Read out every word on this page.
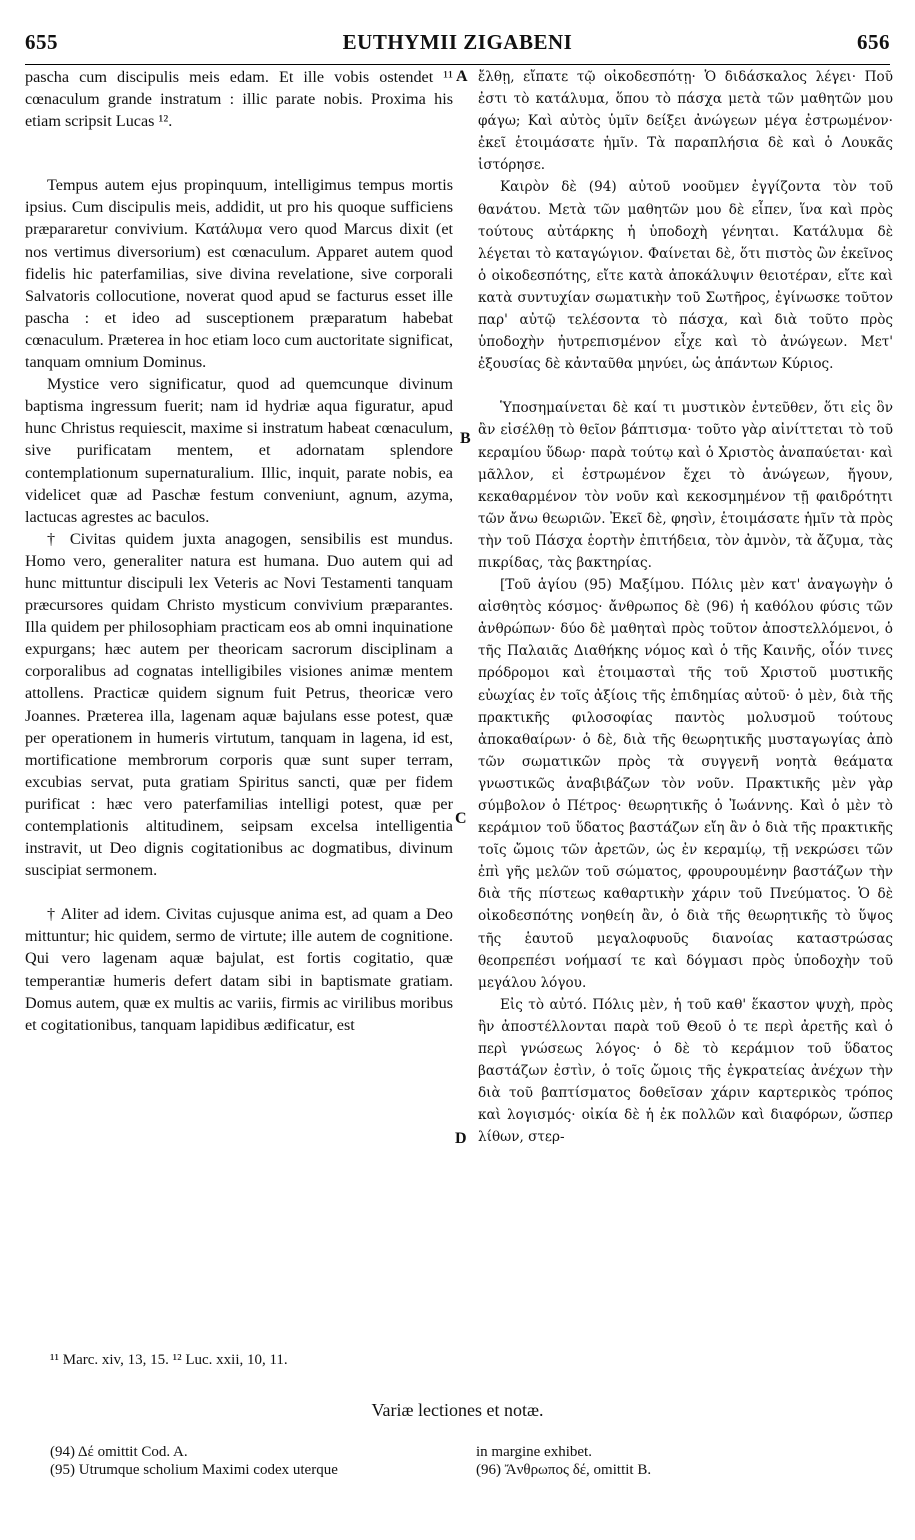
655	EUTHYMII ZIGABENI	656
A
B
C
D

pascha cum discipulis meis edam. Et ille vobis ostendet ¹¹ cœnaculum grande instratum : illic parate nobis. Proxima his etiam scripsit Lucas ¹².

Tempus autem ejus propinquum, intelligimus tempus mortis ipsius. Cum discipulis meis, addidit, ut pro his quoque sufficiens præpararetur convivium. Κατάλυμα vero quod Marcus dixit (et nos vertimus diversorium) est cœnaculum. Apparet autem quod fidelis hic paterfamilias, sive divina revelatione, sive corporali Salvatoris collocutione, noverat quod apud se facturus esset ille pascha : et ideo ad susceptionem præparatum habebat cœnaculum. Præterea in hoc etiam loco cum auctoritate significat, tanquam omnium Dominus.

Mystice vero significatur, quod ad quemcunque divinum baptisma ingressum fuerit; nam id hydriæ aqua figuratur, apud hunc Christus requiescit, maxime si instratum habeat cœnaculum, sive purificatam mentem, et adornatam splendore contemplationum supernaturalium. Illic, inquit, parate nobis, ea videlicet quæ ad Paschæ festum conveniunt, agnum, azyma, lactucas agrestes ac baculos.

† Civitas quidem juxta anagogen, sensibilis est mundus. Homo vero, generaliter natura est humana. Duo autem qui ad hunc mittuntur discipuli lex Veteris ac Novi Testamenti tanquam præcursores quidam Christo mysticum convivium præparantes. Illa quidem per philosophiam practicam eos ab omni inquinatione expurgans; hæc autem per theoricam sacrorum disciplinam a corporalibus ad cognatas intelligibiles visiones animæ mentem attollens. Practicæ quidem signum fuit Petrus, theoricæ vero Joannes. Præterea illa, lagenam aquæ bajulans esse potest, quæ per operationem in humeris virtutum, tanquam in lagena, id est, mortificatione membrorum corporis quæ sunt super terram, excubias servat, puta gratiam Spiritus sancti, quæ per fidem purificat : hæc vero paterfamilias intelligi potest, quæ per contemplationis altitudinem, seipsam excelsa intelligentia instravit, ut Deo dignis cogitationibus ac dogmatibus, divinum suscipiat sermonem.

† Aliter ad idem. Civitas cujusque anima est, ad quam a Deo mittuntur; hic quidem, sermo de virtute; ille autem de cognitione. Qui vero lagenam aquæ bajulat, est fortis cogitatio, quæ temperantiæ humeris defert datam sibi in baptismate gratiam. Domus autem, quæ ex multis ac variis, firmis ac virilibus moribus et cogitationibus, tanquam lapidibus ædificatur, est

ἔλθῃ, εἴπατε τῷ οἰκοδεσπότῃ· Ὁ διδάσκαλος λέγει· Ποῦ ἐστι τὸ κατάλυμα, ὅπου τὸ πάσχα μετὰ τῶν μαθητῶν μου φάγω; Καὶ αὐτὸς ὑμῖν δείξει ἀνώγεων μέγα ἐστρωμένον· ἐκεῖ ἑτοιμάσατε ἡμῖν. Τὰ παραπλήσια δὲ καὶ ὁ Λουκᾶς ἱστόρησε.

Καιρὸν δὲ (94) αὐτοῦ νοοῦμεν ἐγγίζοντα τὸν τοῦ θανάτου. Μετὰ τῶν μαθητῶν μου δὲ εἶπεν, ἵνα καὶ πρὸς τούτους αὐτάρκης ἡ ὑποδοχὴ γένηται. Κατάλυμα δὲ λέγεται τὸ καταγώγιον. Φαίνεται δὲ, ὅτι πιστὸς ὢν ἐκεῖνος ὁ οἰκοδεσπότης, εἴτε κατὰ ἀποκάλυψιν θειοτέραν, εἴτε καὶ κατὰ συντυχίαν σωματικὴν τοῦ Σωτῆρος, ἐγίνωσκε τοῦτον παρ' αὐτῷ τελέσοντα τὸ πάσχα, καὶ διὰ τοῦτο πρὸς ὑποδοχὴν ἠυτρεπισμένον εἶχε καὶ τὸ ἀνώγεων. Μετ' ἐξουσίας δὲ κἀνταῦθα μηνύει, ὡς ἁπάντων Κύριος.

Ὑποσημαίνεται δὲ καί τι μυστικὸν ἐντεῦθεν, ὅτι εἰς ὃν ἂν εἰσέλθῃ τὸ θεῖον βάπτισμα· τοῦτο γὰρ αἰνίττεται τὸ τοῦ κεραμίου ὕδωρ· παρὰ τούτῳ καὶ ὁ Χριστὸς ἀναπαύεται· καὶ μᾶλλον, εἰ ἐστρωμένον ἔχει τὸ ἀνώγεων, ἤγουν, κεκαθαρμένον τὸν νοῦν καὶ κεκοσμημένον τῇ φαιδρότητι τῶν ἄνω θεωριῶν. Ἐκεῖ δὲ, φησὶν, ἑτοιμάσατε ἡμῖν τὰ πρὸς τὴν τοῦ Πάσχα ἑορτὴν ἐπιτήδεια, τὸν ἀμνὸν, τὰ ἄζυμα, τὰς πικρίδας, τὰς βακτηρίας.

[Τοῦ ἁγίου (95) Μαξίμου. Πόλις μὲν κατ' ἀναγωγὴν ὁ αἰσθητὸς κόσμος· ἄνθρωπος δὲ (96) ἡ καθόλου φύσις τῶν ἀνθρώπων· δύο δὲ μαθηταὶ πρὸς τοῦτον ἀποστελλόμενοι, ὁ τῆς Παλαιᾶς Διαθήκης νόμος καὶ ὁ τῆς Καινῆς, οἷόν τινες πρόδρομοι καὶ ἑτοιμασταὶ τῆς τοῦ Χριστοῦ μυστικῆς εὐωχίας ἐν τοῖς ἀξίοις τῆς ἐπιδημίας αὐτοῦ· ὁ μὲν, διὰ τῆς πρακτικῆς φιλοσοφίας παντὸς μολυσμοῦ τούτους ἀποκαθαίρων· ὁ δὲ, διὰ τῆς θεωρητικῆς μυσταγωγίας ἀπὸ τῶν σωματικῶν πρὸς τὰ συγγενῆ νοητὰ θεάματα γνωστικῶς ἀναβιβάζων τὸν νοῦν. Πρακτικῆς μὲν γὰρ σύμβολον ὁ Πέτρος· θεωρητικῆς ὁ Ἰωάννης. Καὶ ὁ μὲν τὸ κεράμιον τοῦ ὕδατος βαστάζων εἴη ἂν ὁ διὰ τῆς πρακτικῆς τοῖς ὤμοις τῶν ἀρετῶν, ὡς ἐν κεραμίῳ, τῇ νεκρώσει τῶν ἐπὶ γῆς μελῶν τοῦ σώματος, φρουρουμένην βαστάζων τὴν διὰ τῆς πίστεως καθαρτικὴν χάριν τοῦ Πνεύματος. Ὁ δὲ οἰκοδεσπότης νοηθείη ἂν, ὁ διὰ τῆς θεωρητικῆς τὸ ὕψος τῆς ἑαυτοῦ μεγαλοφυοῦς διανοίας καταστρώσας θεοπρεπέσι νοήμασί τε καὶ δόγμασι πρὸς ὑποδοχὴν τοῦ μεγάλου λόγου.

Εἰς τὸ αὐτό. Πόλις μὲν, ἡ τοῦ καθ' ἕκαστον ψυχὴ, πρὸς ἣν ἀποστέλλονται παρὰ τοῦ Θεοῦ ὁ τε περὶ ἀρετῆς καὶ ὁ περὶ γνώσεως λόγος· ὁ δὲ τὸ κεράμιον τοῦ ὕδατος βαστάζων ἐστὶν, ὁ τοῖς ὤμοις τῆς ἐγκρατείας ἀνέχων τὴν διὰ τοῦ βαπτίσματος δοθεῖσαν χάριν καρτερικὸς τρόπος καὶ λογισμός· οἰκία δὲ ἡ ἐκ πολλῶν καὶ διαφόρων, ὥσπερ λίθων, στερ-

¹¹ Marc. xiv, 13, 15. ¹² Luc. xxii, 10, 11.
Variæ lectiones et notæ.
(94) Δέ omittit Cod. A.
(95) Utrumque scholium Maximi codex uterque
in margine exhibet.
(96) Ἄνθρωπος δέ, omittit B.
